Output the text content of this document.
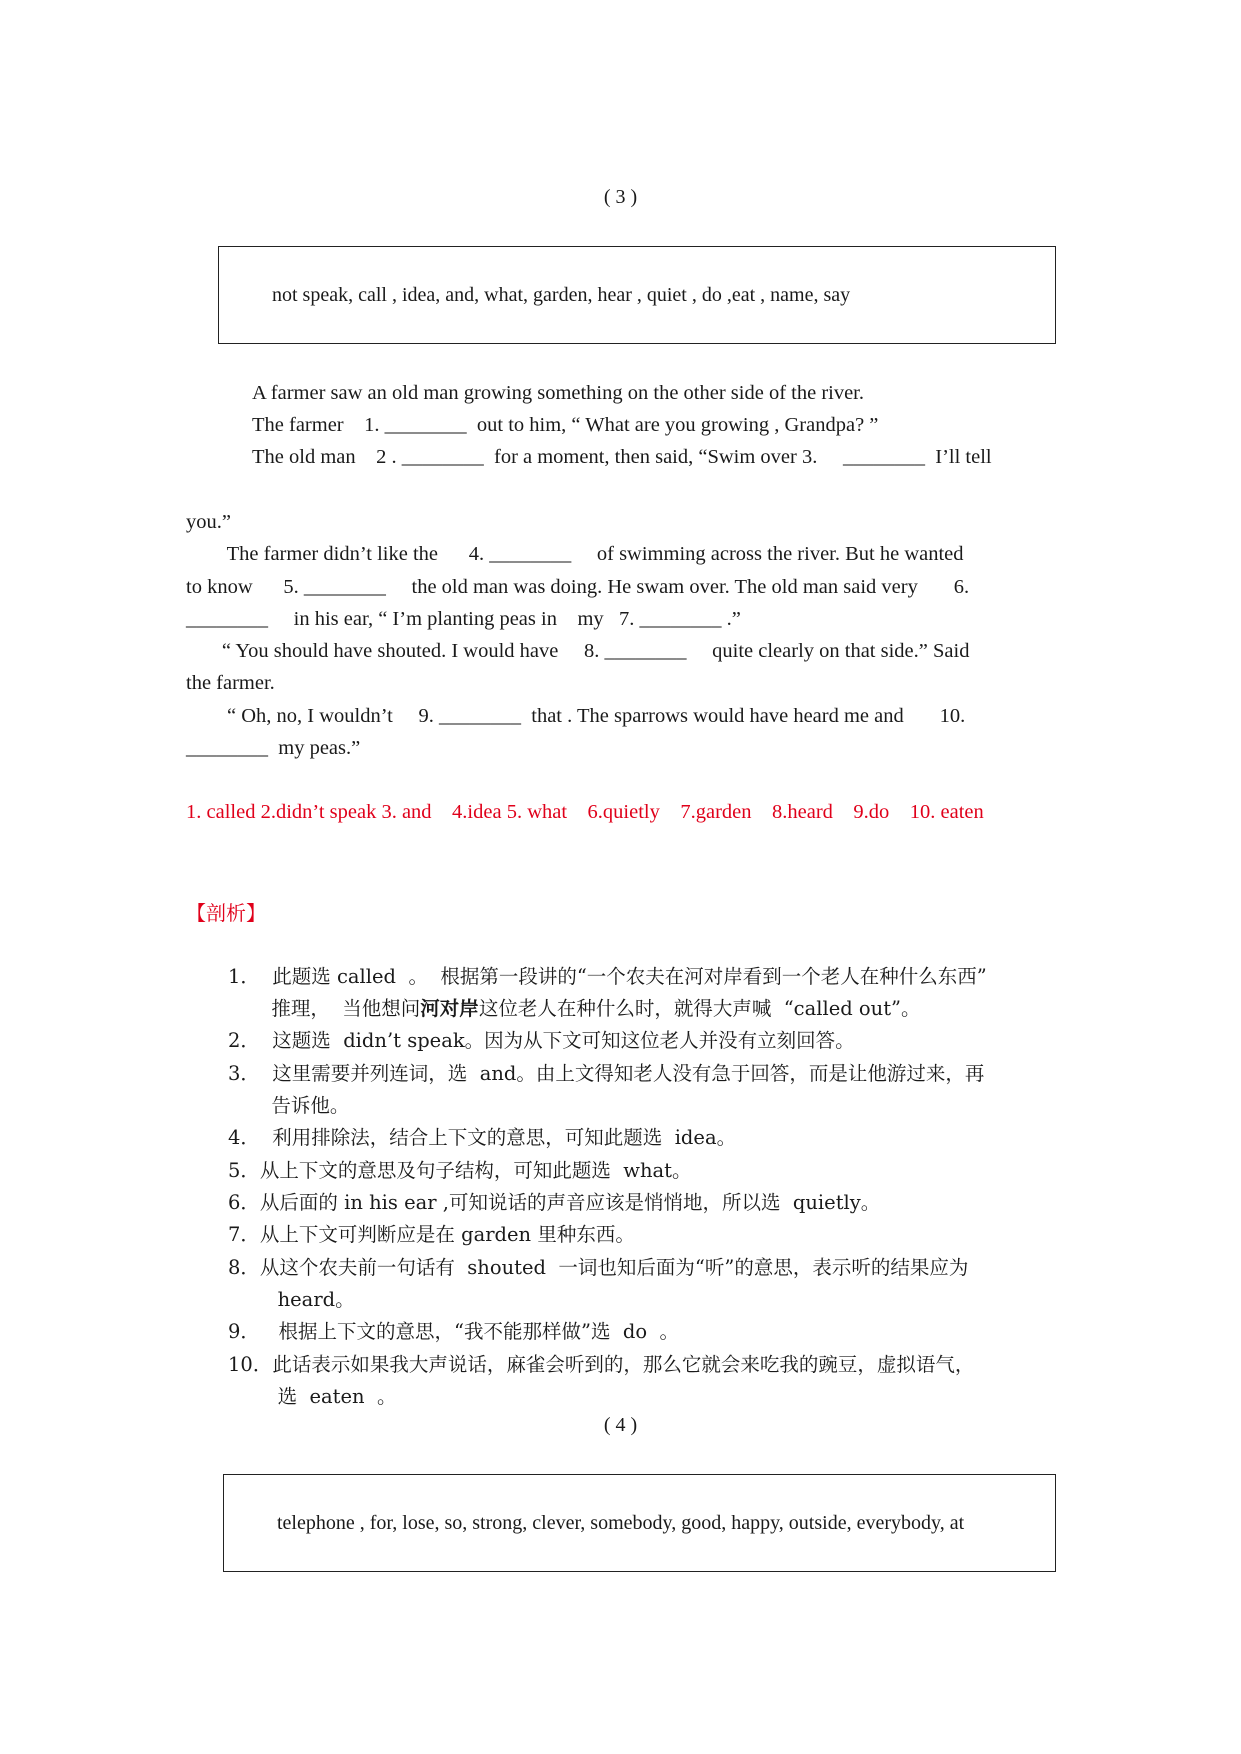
( 3 )
not speak, call , idea, and, what, garden, hear , quiet , do ,eat , name, say
A farmer saw an old man growing something on the other side of the river.
The farmer    1. ________  out to him, “ What are you growing , Grandpa? ”
The old man    2 . ________  for a moment, then said, “Swim over 3.     ________  I’ll tell
you.”
The farmer didn’t like the      4. ________     of swimming across the river. But he wanted
to know      5. ________     the old man was doing. He swam over. The old man said very       6.
________     in his ear, “ I’m planting peas in    my   7. ________ .”
“ You should have shouted. I would have     8. ________     quite clearly on that side.” Said
the farmer.
“ Oh, no, I wouldn’t     9. ________  that . The sparrows would have heard me and       10.
________  my peas.”
1. called 2.didn’t speak 3. and    4.idea 5. what    6.quietly    7.garden    8.heard    9.do    10. eaten
【剖析】
1．  此题选 called  。  根据第一段讲的“一个农夫在河对岸看到一个老人在种什么东西”
推理，  当他想问河对岸这位老人在种什么时，就得大声喊  “called out”。
2．  这题选  didn’t speak。因为从下文可知这位老人并没有立刻回答。
3．  这里需要并列连词，选  and。由上文得知老人没有急于回答，而是让他游过来，再
告诉他。
4．  利用排除法，结合上下文的意思，可知此题选  idea。
5．从上下文的意思及句子结构，可知此题选  what。
6．从后面的 in his ear ,可知说话的声音应该是悄悄地，所以选  quietly。
7．从上下文可判断应是在 garden 里种东西。
8．从这个农夫前一句话有  shouted  一词也知后面为“听”的意思，表示听的结果应为
heard。
9．   根据上下文的意思，“我不能那样做”选  do  。
10．此话表示如果我大声说话，麻雀会听到的，那么它就会来吃我的豌豆，虚拟语气，
选  eaten  。
( 4 )
telephone , for, lose, so, strong, clever, somebody, good, happy, outside, everybody, at
